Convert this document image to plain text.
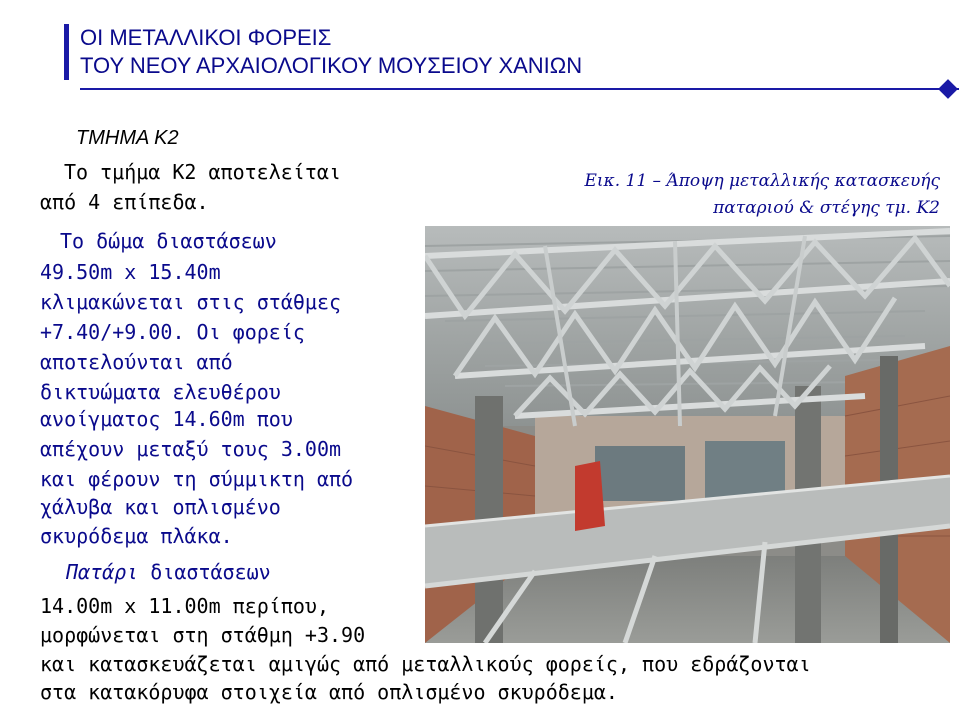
ΟΙ ΜΕΤΑΛΛΙΚΟΙ ΦΟΡΕΙΣ
ΤΟΥ ΝΕΟΥ ΑΡΧΑΙΟΛΟΓΙΚΟΥ ΜΟΥΣΕΙΟΥ ΧΑΝΙΩΝ
ΤΜΗΜΑ Κ2
Το τμήμα Κ2 αποτελείται
από 4 επίπεδα.
Το δώμα διαστάσεων
49.50m x 15.40m
κλιμακώνεται στις στάθμες
+7.40/+9.00. Οι φορείς
αποτελούνται από
δικτυώματα ελευθέρου
ανοίγματος 14.60m που
απέχουν μεταξύ τους 3.00m
και φέρουν τη σύμμικτη από
χάλυβα και οπλισμένο
σκυρόδεμα πλάκα.
Πατάρι διαστάσεων
14.00m x 11.00m περίπου,
μορφώνεται στη στάθμη +3.90
και κατασκευάζεται αμιγώς από μεταλλικούς φορείς, που εδράζονται
στα κατακόρυφα στοιχεία από οπλισμένο σκυρόδεμα.
Εικ. 11 – Άποψη μεταλλικής κατασκευής
παταριού & στέγης τμ. Κ2
